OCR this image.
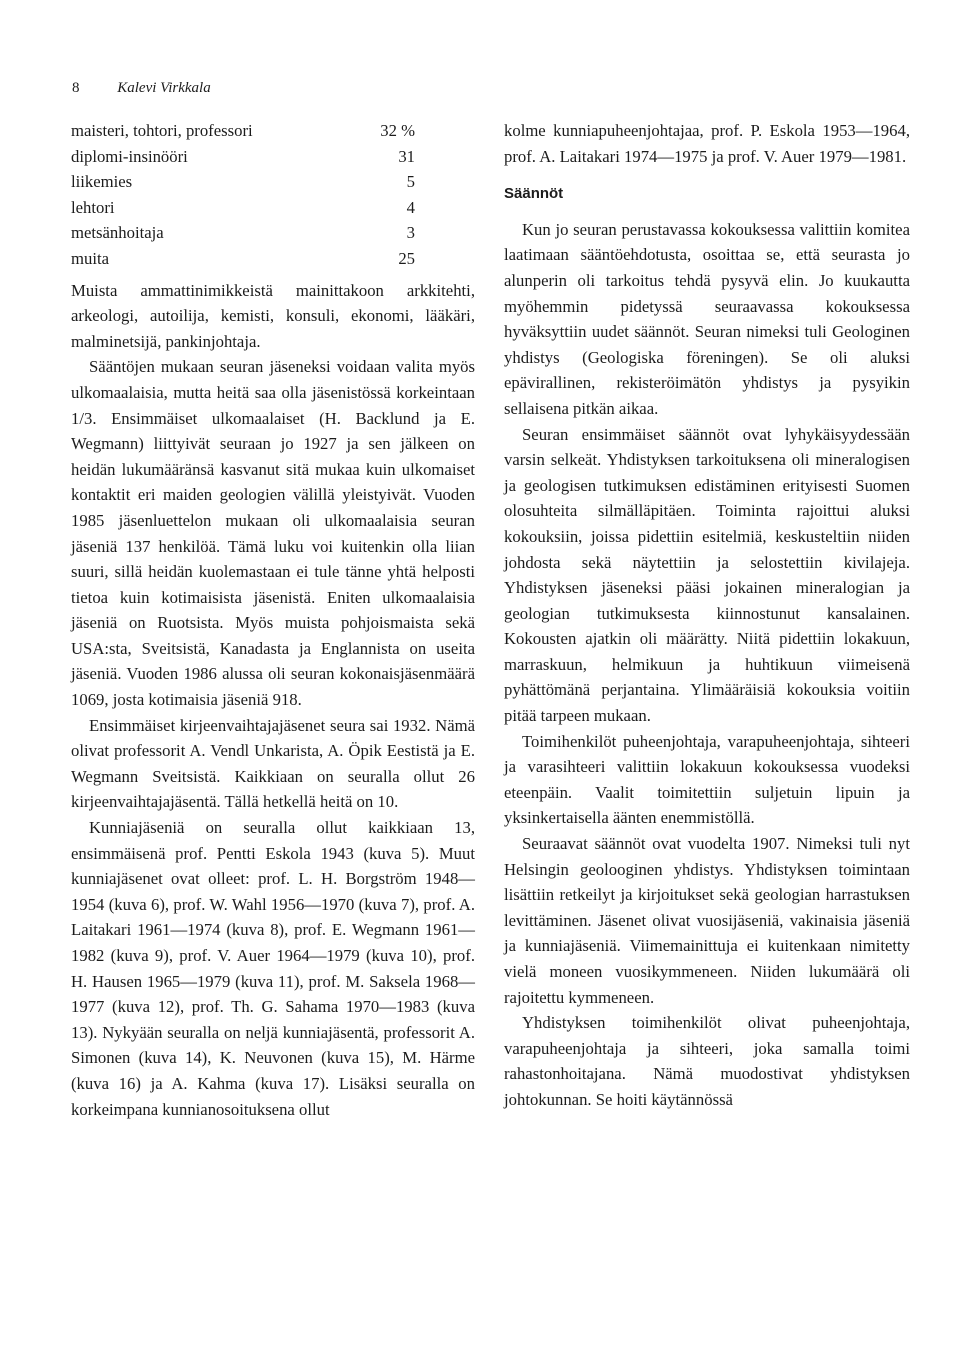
8	Kalevi Virkkala
maisteri, tohtori, professori	32 %
diplomi-insinööri	31
liikemies	5
lehtori	4
metsänhoitaja	3
muita	25

Muista ammattinimikkeistä mainittakoon arkkitehti, arkeologi, autoilija, kemisti, konsuli, ekonomi, lääkäri, malminetsijä, pankinjohtaja.

Sääntöjen mukaan seuran jäseneksi voidaan valita myös ulkomaalaisia, mutta heitä saa olla jäsenistössä korkeintaan 1/3. Ensimmäiset ulkomaalaiset (H. Backlund ja E. Wegmann) liittyivät seuraan jo 1927 ja sen jälkeen on heidän lukumääränsä kasvanut sitä mukaa kuin ulkomaiset kontaktit eri maiden geologien välillä yleistyivät. Vuoden 1985 jäsenluettelon mukaan oli ulkomaalaisia seuran jäseniä 137 henkilöä. Tämä luku voi kuitenkin olla liian suuri, sillä heidän kuolemastaan ei tule tänne yhtä helposti tietoa kuin kotimaisista jäsenistä. Eniten ulkomaalaisia jäseniä on Ruotsista. Myös muista pohjoismaista sekä USA:sta, Sveitsistä, Kanadasta ja Englannista on useita jäseniä. Vuoden 1986 alussa oli seuran kokonaisjäsenmäärä 1069, josta kotimaisia jäseniä 918.

Ensimmäiset kirjeenvaihtajajäsenet seura sai 1932. Nämä olivat professorit A. Vendl Unkarista, A. Öpik Eestistä ja E. Wegmann Sveitsistä. Kaikkiaan on seuralla ollut 26 kirjeenvaihtajajäsentä. Tällä hetkellä heitä on 10.

Kunniajäseniä on seuralla ollut kaikkiaan 13, ensimmäisenä prof. Pentti Eskola 1943 (kuva 5). Muut kunniajäsenet ovat olleet: prof. L. H. Borgström 1948—1954 (kuva 6), prof. W. Wahl 1956—1970 (kuva 7), prof. A. Laitakari 1961—1974 (kuva 8), prof. E. Wegmann 1961—1982 (kuva 9), prof. V. Auer 1964—1979 (kuva 10), prof. H. Hausen 1965—1979 (kuva 11), prof. M. Saksela 1968—1977 (kuva 12), prof. Th. G. Sahama 1970—1983 (kuva 13). Nykyään seuralla on neljä kunniajäsentä, professorit A. Simonen (kuva 14), K. Neuvonen (kuva 15), M. Härme (kuva 16) ja A. Kahma (kuva 17). Lisäksi seuralla on korkeimpana kunnianosoituksena ollut

kolme kunniapuheenjohtajaa, prof. P. Eskola 1953—1964, prof. A. Laitakari 1974—1975 ja prof. V. Auer 1979—1981.

Säännöt

Kun jo seuran perustavassa kokouksessa valittiin komitea laatimaan sääntöehdotusta, osoittaa se, että seurasta jo alunperin oli tarkoitus tehdä pysyvä elin. Jo kuukautta myöhemmin pidetyssä seuraavassa kokouksessa hyväksyttiin uudet säännöt. Seuran nimeksi tuli Geologinen yhdistys (Geologiska föreningen). Se oli aluksi epävirallinen, rekisteröimätön yhdistys ja pysyikin sellaisena pitkän aikaa.

Seuran ensimmäiset säännöt ovat lyhykäisyydessään varsin selkeät. Yhdistyksen tarkoituksena oli mineralogisen ja geologisen tutkimuksen edistäminen erityisesti Suomen olosuhteita silmälläpitäen. Toiminta rajoittui aluksi kokouksiin, joissa pidettiin esitelmiä, keskusteltiin niiden johdosta sekä näytettiin ja selostettiin kivilajeja. Yhdistyksen jäseneksi pääsi jokainen mineralogian ja geologian tutkimuksesta kiinnostunut kansalainen. Kokousten ajatkin oli määrätty. Niitä pidettiin lokakuun, marraskuun, helmikuun ja huhtikuun viimeisenä pyhättömänä perjantaina. Ylimääräisiä kokouksia voitiin pitää tarpeen mukaan.

Toimihenkilöt puheenjohtaja, varapuheenjohtaja, sihteeri ja varasihteeri valittiin lokakuun kokouksessa vuodeksi eteenpäin. Vaalit toimitettiin suljetuin lipuin ja yksinkertaisella äänten enemmistöllä.

Seuraavat säännöt ovat vuodelta 1907. Nimeksi tuli nyt Helsingin geolooginen yhdistys. Yhdistyksen toimintaan lisättiin retkeilyt ja kirjoitukset sekä geologian harrastuksen levittäminen. Jäsenet olivat vuosijäseniä, vakinaisia jäseniä ja kunniajäseniä. Viimemainittuja ei kuitenkaan nimitetty vielä moneen vuosikymmeneen. Niiden lukumäärä oli rajoitettu kymmeneen.

Yhdistyksen toimihenkilöt olivat puheenjohtaja, varapuheenjohtaja ja sihteeri, joka samalla toimi rahastonhoitajana. Nämä muodostivat yhdistyksen johtokunnan. Se hoiti käytännössä
